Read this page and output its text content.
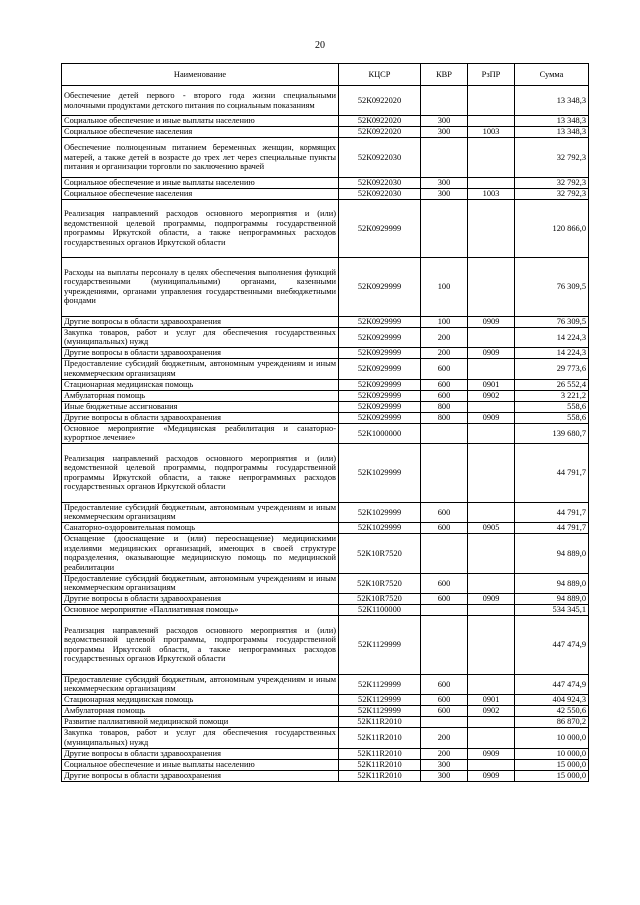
20
Наименование	КЦСР	КВР	РзПР	Сумма
Обеспечение детей первого - второго года жизни специальными молочными продуктами детского питания по социальным показаниям	52К0922020			13 348,3
Социальное обеспечение и иные выплаты населению	52К0922020	300		13 348,3
Социальное обеспечение населения	52К0922020	300	1003	13 348,3
Обеспечение полноценным питанием беременных женщин, кормящих матерей, а также детей в возрасте до трех лет через специальные пункты питания и организации торговли по заключению врачей	52К0922030			32 792,3
Социальное обеспечение и иные выплаты населению	52К0922030	300		32 792,3
Социальное обеспечение населения	52К0922030	300	1003	32 792,3
Реализация направлений расходов основного мероприятия и (или) ведомственной целевой программы, подпрограммы государственной программы Иркутской области, а также непрограммных расходов государственных органов Иркутской области	52К0929999			120 866,0
Расходы на выплаты персоналу в целях обеспечения выполнения функций государственными (муниципальными) органами, казенными учреждениями, органами управления государственными внебюджетными фондами	52К0929999	100		76 309,5
Другие вопросы в области здравоохранения	52К0929999	100	0909	76 309,5
Закупка товаров, работ и услуг для обеспечения государственных (муниципальных) нужд	52К0929999	200		14 224,3
Другие вопросы в области здравоохранения	52К0929999	200	0909	14 224,3
Предоставление субсидий бюджетным, автономным учреждениям и иным некоммерческим организациям	52К0929999	600		29 773,6
Стационарная медицинская помощь	52К0929999	600	0901	26 552,4
Амбулаторная помощь	52К0929999	600	0902	3 221,2
Иные бюджетные ассигнования	52К0929999	800		558,6
Другие вопросы в области здравоохранения	52К0929999	800	0909	558,6
Основное мероприятие «Медицинская реабилитация и санаторно-курортное лечение»	52К1000000			139 680,7
Реализация направлений расходов основного мероприятия и (или) ведомственной целевой программы, подпрограммы государственной программы Иркутской области, а также непрограммных расходов государственных органов Иркутской области	52К1029999			44 791,7
Предоставление субсидий бюджетным, автономным учреждениям и иным некоммерческим организациям	52К1029999	600		44 791,7
Санаторно-оздоровительная помощь	52К1029999	600	0905	44 791,7
Оснащение (дооснащение и (или) переоснащение) медицинскими изделиями медицинских организаций, имеющих в своей структуре подразделения, оказывающие медицинскую помощь по медицинской реабилитации	52К10R7520			94 889,0
Предоставление субсидий бюджетным, автономным учреждениям и иным некоммерческим организациям	52К10R7520	600		94 889,0
Другие вопросы в области здравоохранения	52К10R7520	600	0909	94 889,0
Основное мероприятие «Паллиативная помощь»	52К1100000			534 345,1
Реализация направлений расходов основного мероприятия и (или) ведомственной целевой программы, подпрограммы государственной программы Иркутской области, а также непрограммных расходов государственных органов Иркутской области	52К1129999			447 474,9
Предоставление субсидий бюджетным, автономным учреждениям и иным некоммерческим организациям	52К1129999	600		447 474,9
Стационарная медицинская помощь	52К1129999	600	0901	404 924,3
Амбулаторная помощь	52К1129999	600	0902	42 550,6
Развитие паллиативной медицинской помощи	52К11R2010			86 870,2
Закупка товаров, работ и услуг для обеспечения государственных (муниципальных) нужд	52К11R2010	200		10 000,0
Другие вопросы в области здравоохранения	52К11R2010	200	0909	10 000,0
Социальное обеспечение и иные выплаты населению	52К11R2010	300		15 000,0
Другие вопросы в области здравоохранения	52К11R2010	300	0909	15 000,0
